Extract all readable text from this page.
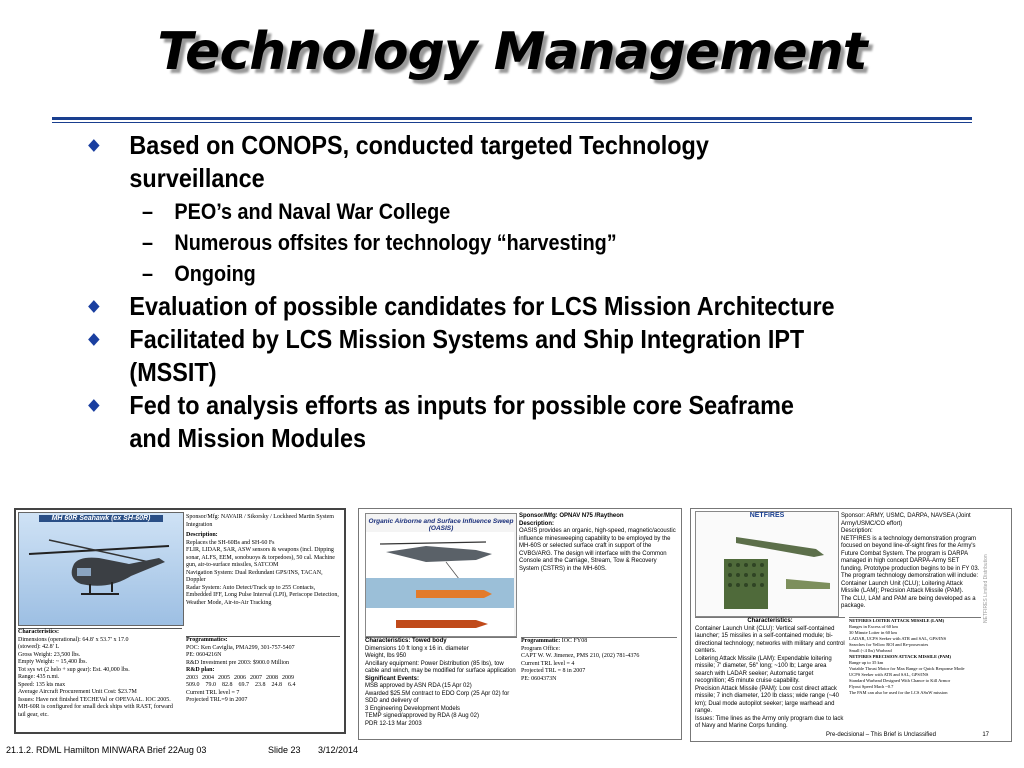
Technology Management
Based on CONOPS, conducted targeted Technology
surveillance
– PEO’s and Naval War College
– Numerous offsites for technology “harvesting”
– Ongoing
Evaluation of possible candidates for LCS Mission Architecture
Facilitated by LCS Mission Systems and Ship Integration IPT
(MSSIT)
Fed to analysis efforts as inputs for possible core Seaframe
and Mission Modules
MH 60R Seahawk (ex SH-60R)	Sponsor/Mfg: NAVAIR / Sikorsky / Lockheed Martin System Integration
Description:
Replaces the SH-60Bs and SH-60 Fs
FLIR, LIDAR, SAR, ASW sensors & weapons (incl. Dipping sonar, ALFS, EEM, sonobuoys & torpedoes), 50 cal. Machine gun, air-to-surface missiles, SATCOM
Navigation System: Dual Redundant GPS/INS, TACAN, Doppler
Radar System: Auto Detect/Track up to 255 Contacts, Embedded IFF, Long Pulse Interval (LPI), Periscope Detection, Weather Mode, Air-to-Air Tracking
Characteristics:
Dimensions (operational): 64.8′ x 53.7′ x 17.0
(stowed): 42.8′ L
Gross Weight: 23,500 lbs.
Empty Weight: ~ 15,400 lbs.
Tot sys wt (2 helo + sup gear): Est. 40,000 lbs.
Range: 435 n.mi.
Speed: 135 kts max
Average Aircraft Procurement Unit Cost: $23.7M
Issues: Have not finished TECHEVal or OPEVAAL. IOC 2005.
MH-60R is configured for small deck ships with RAST, forward tail gear, etc.
Programmatics:
POC: Ken Caviglia, PMA299, 301-757-5407
PE: 0604216N
R&D Investment pre 2003: $900.0 Million
R&D plan:
2003 2004 2005 2006 2007 2008 2009
509.0 79.0 82.8 69.7 23.8 24.8 6.4
Current TRL level = 7
Projected TRL=9 in 2007
Organic Airborne and Surface Influence Sweep (OASIS)
Sponsor/Mfg: OPNAV N75 /Raytheon
Description:
OASIS provides an organic, high-speed, magnetic/acoustic influence minesweeping capability to be employed by the MH-60S or selected surface craft in support of the CVBG/ARG. The design will interface with the Common Console and the Carriage, Stream, Tow & Recovery System (CSTRS) in the MH-60S.
Characteristics: Towed body
Dimensions 10 ft long x 16 in. diameter
Weight, lbs 950
Ancillary equipment: Power Distribution (85 lbs), tow cable and winch, may be modified for surface application
Significant Events:
MSB approved by ASN RDA (15 Apr 02)
Awarded $25.5M contract to EDO Corp (25 Apr 02) for SDD and delivery of
3 Engineering Development Models
TEMP signed/approved by RDA (8 Aug 02)
PDR 12-13 Mar 2003
Programmatic: IOC FY08
Program Office:
CAPT W. W. Jimenez, PMS 210, (202) 781-4376
Current TRL level = 4
Projected TRL = 8 in 2007
PE: 0604373N
NETFIRES	Sponsor: ARMY, USMC, DARPA, NAVSEA (Joint Army/USMC/CO effort)
Description:
NETFIRES is a technology demonstration program focused on beyond line-of-sight fires for the Army's Future Combat System. The program is DARPA managed in high concept DARPA-Army SET funding. Prototype production begins to be in FY 03. The program technology demonstration will include: Container Launch Unit (CLU); Loitering Attack Missile (LAM); Precision Attack Missile (PAM).
The CLU, LAM and PAM are being developed as a package.	NETFIRES Limited Distribution
Characteristics:
Container Launch Unit (CLU): Vertical self-contained launcher; 15 missiles in a self-contained module; bi-directional technology; networks with military and control centers.
Loitering Attack Missile (LAM): Expendable loitering missile; 7′ diameter, 56″ long; ~100 lb; Large area search with LADAR seeker; Automatic target recognition; 45 minute cruise capability.
Precision Attack Missile (PAM): Low cost direct attack missile; 7 inch diameter, 120 lb class; wide range (~40 km); Dual mode autopilot seeker; large warhead and range.
Issues: Time lines as the Army only program due to lack of Navy and Marine Corps funding.
NETFIRES LOITER ATTACK MISSILE (LAM)
Ranges in Excess of 60 km
30 Minute Loiter in 60 km
LADAR, UCPS Seeker with ATR and SAL, GPS/INS
Searches for Yellow ROI and Re-prosecutes
Small (<4 lbs) Warhead
NETFIRES PRECISION ATTACK MISSILE (PAM)
Range up to 35 km
Variable Thrust Motor for Max Range or Quick Response Mode
UCPS Seeker with ATR and SAL, GPS/INS
Standard Warhead Designed With Chance to Kill Armor
Flyout Speed Mach ~0.7
The PAM can also be used for the LCS ASuW mission
Pre-decisional – This Brief is Unclassified	17
21.1.2. RDML Hamilton MINWARA Brief 22Aug 03	Slide 23 3/12/2014
